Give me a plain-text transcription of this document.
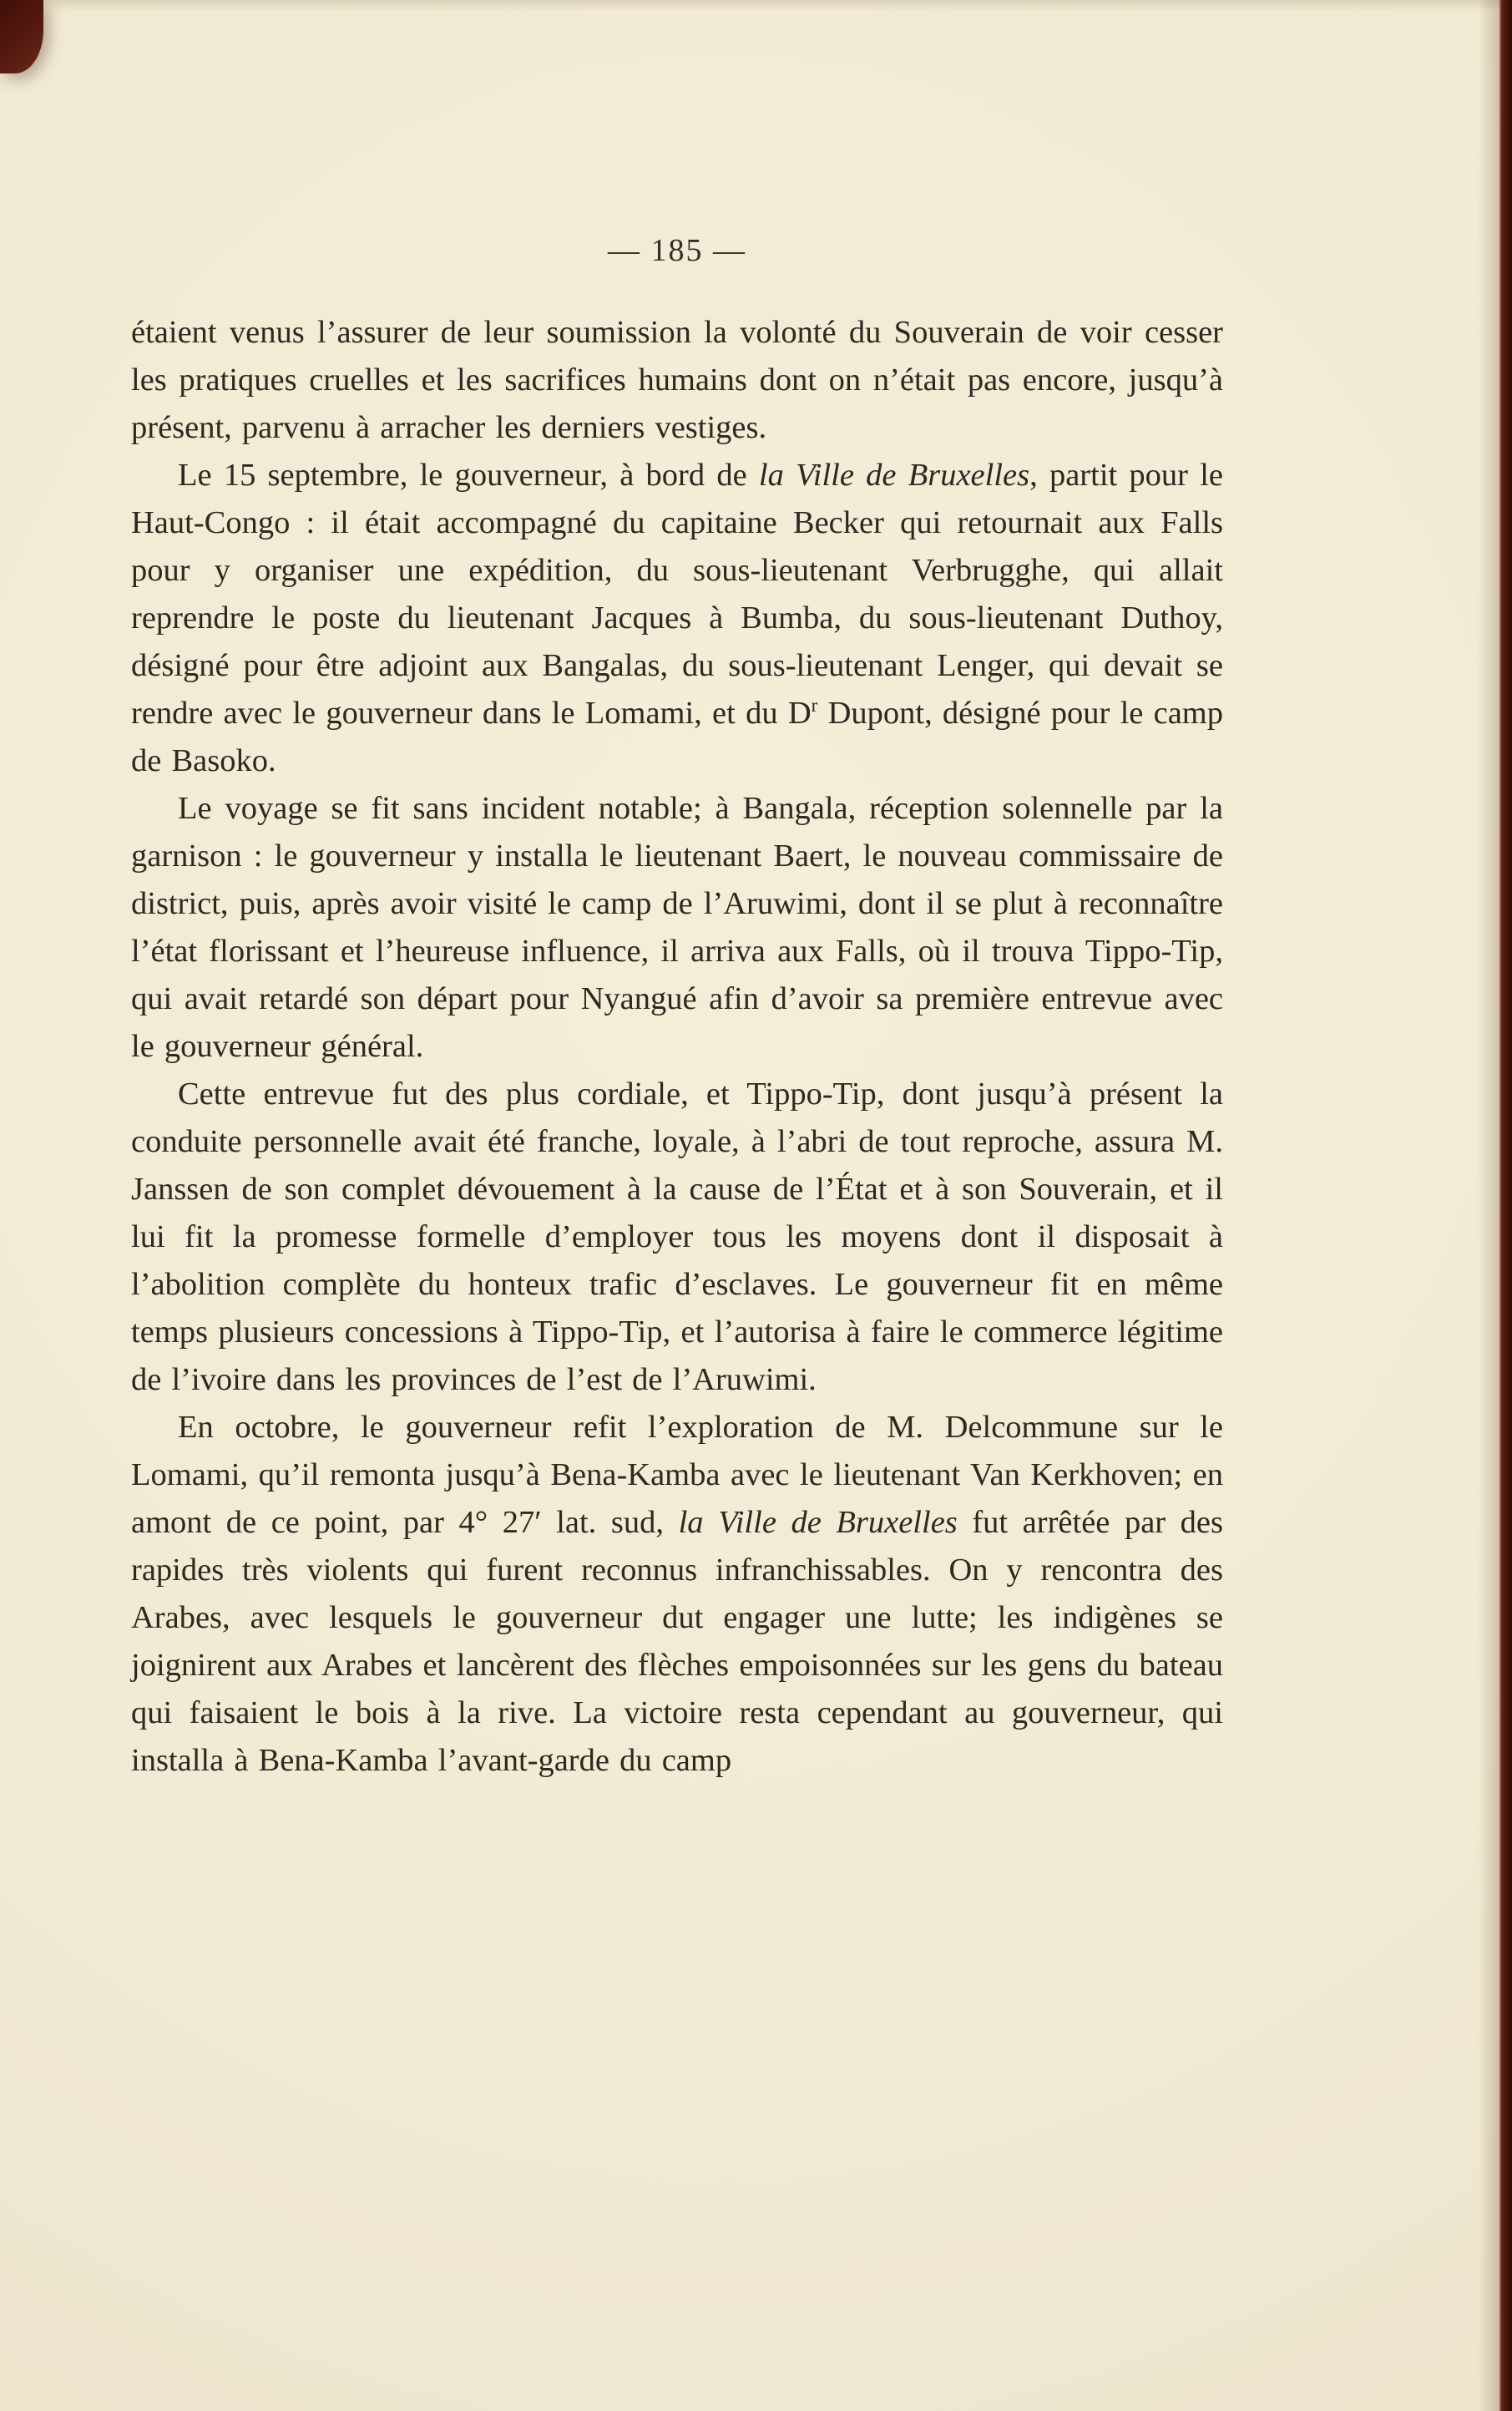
— 185 —

étaient venus l’assurer de leur soumission la volonté du Souverain de voir cesser les pratiques cruelles et les sacrifices humains dont on n’était pas encore, jusqu’à présent, parvenu à arracher les derniers vestiges.

Le 15 septembre, le gouverneur, à bord de la Ville de Bruxelles, partit pour le Haut-Congo : il était accompagné du capitaine Becker qui retournait aux Falls pour y organiser une expédition, du sous-lieutenant Verbrugghe, qui allait reprendre le poste du lieutenant Jacques à Bumba, du sous-lieutenant Duthoy, désigné pour être adjoint aux Bangalas, du sous-lieutenant Lenger, qui devait se rendre avec le gouverneur dans le Lomami, et du $D^r$ Dupont, désigné pour le camp de Basoko.

Le voyage se fit sans incident notable; à Bangala, réception solennelle par la garnison : le gouverneur y installa le lieutenant Baert, le nouveau commissaire de district, puis, après avoir visité le camp de l’Aruwimi, dont il se plut à reconnaître l’état florissant et l’heureuse influence, il arriva aux Falls, où il trouva Tippo-Tip, qui avait retardé son départ pour Nyangué afin d’avoir sa première entrevue avec le gouverneur général.

Cette entrevue fut des plus cordiale, et Tippo-Tip, dont jusqu’à présent la conduite personnelle avait été franche, loyale, à l’abri de tout reproche, assura M. Janssen de son complet dévouement à la cause de l’État et à son Souverain, et il lui fit la promesse formelle d’employer tous les moyens dont il disposait à l’abolition complète du honteux trafic d’esclaves. Le gouverneur fit en même temps plusieurs concessions à Tippo-Tip, et l’autorisa à faire le commerce légitime de l’ivoire dans les provinces de l’est de l’Aruwimi.

En octobre, le gouverneur refit l’exploration de M. Delcommune sur le Lomami, qu’il remonta jusqu’à Bena-Kamba avec le lieutenant Van Kerkhoven; en amont de ce point, par 4° 27′ lat. sud, la Ville de Bruxelles fut arrêtée par des rapides très violents qui furent reconnus infranchissables. On y rencontra des Arabes, avec lesquels le gouverneur dut engager une lutte; les indigènes se joignirent aux Arabes et lancèrent des flèches empoisonnées sur les gens du bateau qui faisaient le bois à la rive. La victoire resta cependant au gouverneur, qui installa à Bena-Kamba l’avant-garde du camp
